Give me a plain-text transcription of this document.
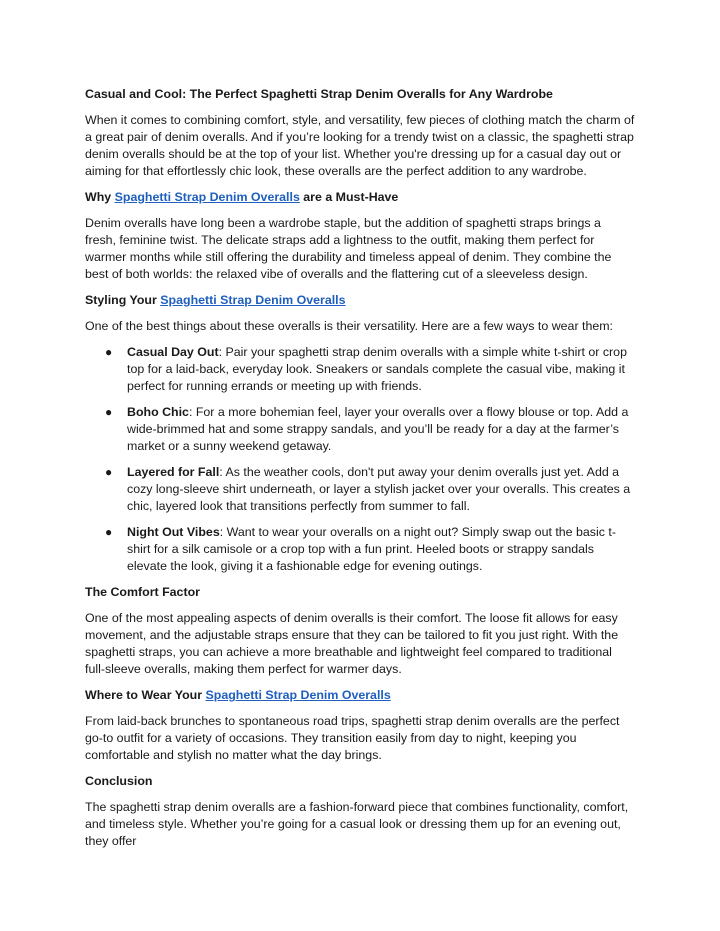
Casual and Cool: The Perfect Spaghetti Strap Denim Overalls for Any Wardrobe

When it comes to combining comfort, style, and versatility, few pieces of clothing match the charm of a great pair of denim overalls. And if you’re looking for a trendy twist on a classic, the spaghetti strap denim overalls should be at the top of your list. Whether you're dressing up for a casual day out or aiming for that effortlessly chic look, these overalls are the perfect addition to any wardrobe.

Why Spaghetti Strap Denim Overalls are a Must-Have

Denim overalls have long been a wardrobe staple, but the addition of spaghetti straps brings a fresh, feminine twist. The delicate straps add a lightness to the outfit, making them perfect for warmer months while still offering the durability and timeless appeal of denim. They combine the best of both worlds: the relaxed vibe of overalls and the flattering cut of a sleeveless design.

Styling Your Spaghetti Strap Denim Overalls

One of the best things about these overalls is their versatility. Here are a few ways to wear them:

● Casual Day Out: Pair your spaghetti strap denim overalls with a simple white t-shirt or crop top for a laid-back, everyday look. Sneakers or sandals complete the casual vibe, making it perfect for running errands or meeting up with friends.
● Boho Chic: For a more bohemian feel, layer your overalls over a flowy blouse or top. Add a wide-brimmed hat and some strappy sandals, and you’ll be ready for a day at the farmer’s market or a sunny weekend getaway.
● Layered for Fall: As the weather cools, don't put away your denim overalls just yet. Add a cozy long-sleeve shirt underneath, or layer a stylish jacket over your overalls. This creates a chic, layered look that transitions perfectly from summer to fall.
● Night Out Vibes: Want to wear your overalls on a night out? Simply swap out the basic t-shirt for a silk camisole or a crop top with a fun print. Heeled boots or strappy sandals elevate the look, giving it a fashionable edge for evening outings.
The Comfort Factor

One of the most appealing aspects of denim overalls is their comfort. The loose fit allows for easy movement, and the adjustable straps ensure that they can be tailored to fit you just right. With the spaghetti straps, you can achieve a more breathable and lightweight feel compared to traditional full-sleeve overalls, making them perfect for warmer days.

Where to Wear Your Spaghetti Strap Denim Overalls

From laid-back brunches to spontaneous road trips, spaghetti strap denim overalls are the perfect go-to outfit for a variety of occasions. They transition easily from day to night, keeping you comfortable and stylish no matter what the day brings.

Conclusion

The spaghetti strap denim overalls are a fashion-forward piece that combines functionality, comfort, and timeless style. Whether you’re going for a casual look or dressing them up for an evening out, they offer
